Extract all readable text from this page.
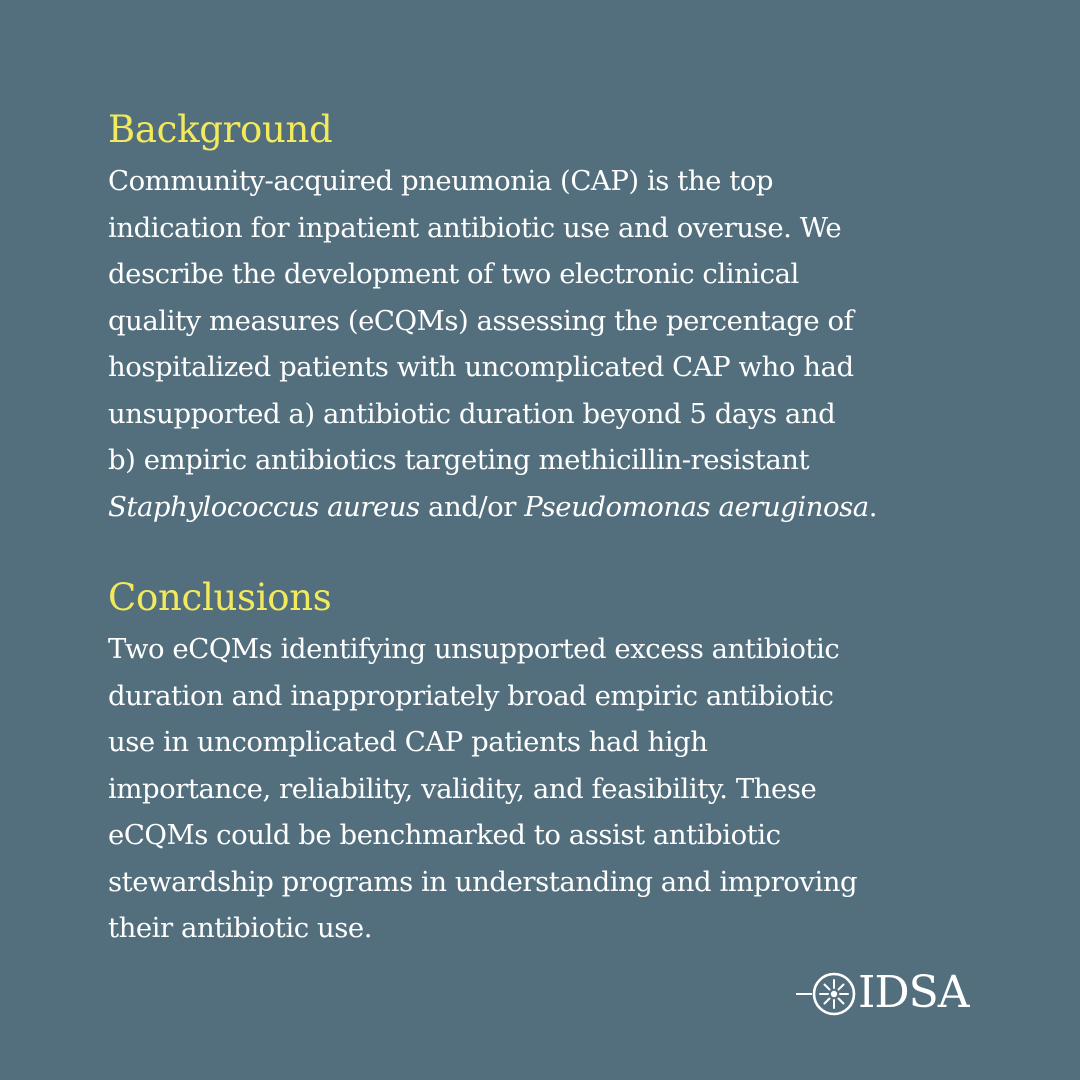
Background

Community-acquired pneumonia (CAP) is the top
indication for inpatient antibiotic use and overuse. We
describe the development of two electronic clinical
quality measures (eCQMs) assessing the percentage of
hospitalized patients with uncomplicated CAP who had
unsupported a) antibiotic duration beyond 5 days and
b) empiric antibiotics targeting methicillin-resistant
Staphylococcus aureus and/or Pseudomonas aeruginosa.

Conclusions

Two eCQMs identifying unsupported excess antibiotic
duration and inappropriately broad empiric antibiotic
use in uncomplicated CAP patients had high
importance, reliability, validity, and feasibility. These
eCQMs could be benchmarked to assist antibiotic
stewardship programs in understanding and improving
their antibiotic use.

IDSA
